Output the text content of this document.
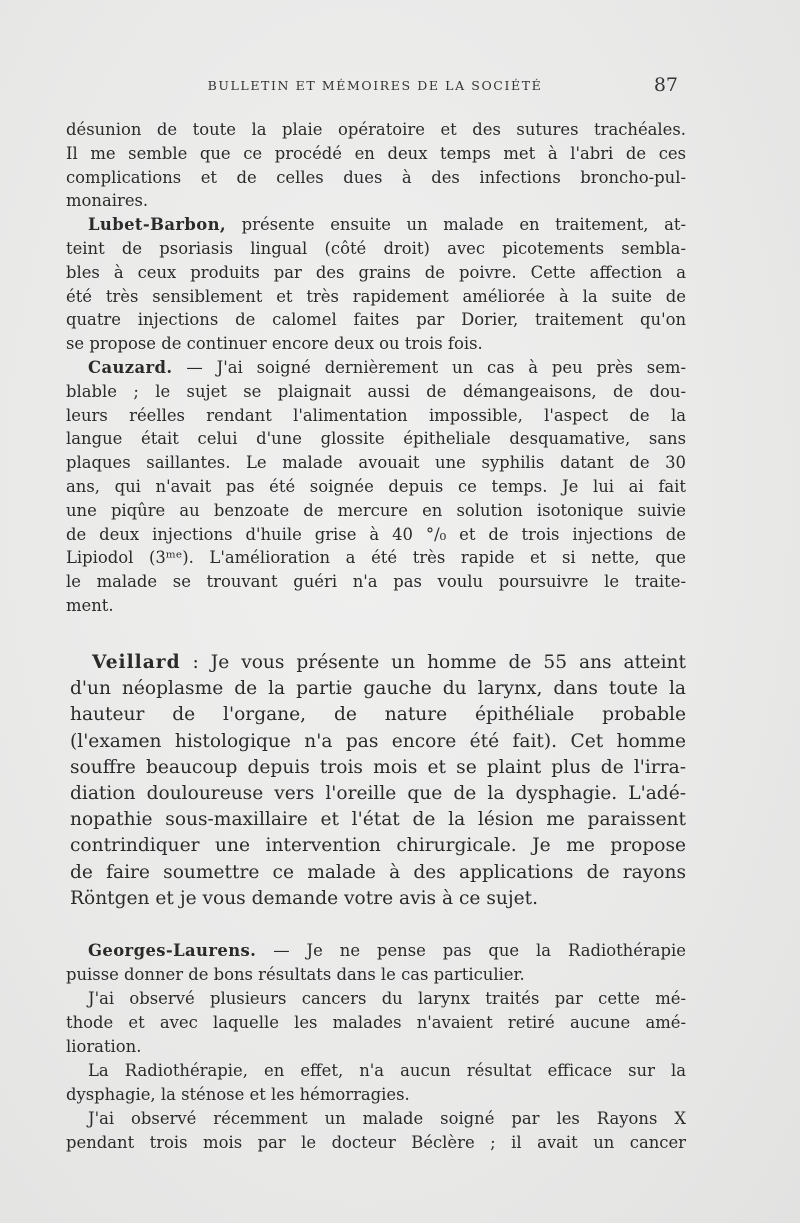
BULLETIN ET MÉMOIRES DE LA SOCIÉTÉ	87
désunion de toute la plaie opératoire et des sutures trachéales.
Il me semble que ce procédé en deux temps met à l'abri de ces
complications et de celles dues à des infections broncho-pul-
monaires.
Lubet-Barbon, présente ensuite un malade en traitement, at-
teint de psoriasis lingual (côté droit) avec picotements sembla-
bles à ceux produits par des grains de poivre. Cette affection a
été très sensiblement et très rapidement améliorée à la suite de
quatre injections de calomel faites par Dorier, traitement qu'on
se propose de continuer encore deux ou trois fois.
Cauzard. — J'ai soigné dernièrement un cas à peu près sem-
blable ; le sujet se plaignait aussi de démangeaisons, de dou-
leurs réelles rendant l'alimentation impossible, l'aspect de la
langue était celui d'une glossite épitheliale desquamative, sans
plaques saillantes. Le malade avouait une syphilis datant de 30
ans, qui n'avait pas été soignée depuis ce temps. Je lui ai fait
une piqûre au benzoate de mercure en solution isotonique suivie
de deux injections d'huile grise à 40 °/₀ et de trois injections de
Lipiodol (3ᵐᵉ). L'amélioration a été très rapide et si nette, que
le malade se trouvant guéri n'a pas voulu poursuivre le traite-
ment.
Veillard : Je vous présente un homme de 55 ans atteint
d'un néoplasme de la partie gauche du larynx, dans toute la
hauteur de l'organe, de nature épithéliale probable
(l'examen histologique n'a pas encore été fait). Cet homme
souffre beaucoup depuis trois mois et se plaint plus de l'irra-
diation douloureuse vers l'oreille que de la dysphagie. L'adé-
nopathie sous-maxillaire et l'état de la lésion me paraissent
contrindiquer une intervention chirurgicale. Je me propose
de faire soumettre ce malade à des applications de rayons
Röntgen et je vous demande votre avis à ce sujet.
Georges-Laurens. — Je ne pense pas que la Radiothérapie
puisse donner de bons résultats dans le cas particulier.
J'ai observé plusieurs cancers du larynx traités par cette mé-
thode et avec laquelle les malades n'avaient retiré aucune amé-
lioration.
La Radiothérapie, en effet, n'a aucun résultat efficace sur la
dysphagie, la sténose et les hémorragies.
J'ai observé récemment un malade soigné par les Rayons X
pendant trois mois par le docteur Béclère ; il avait un cancer
